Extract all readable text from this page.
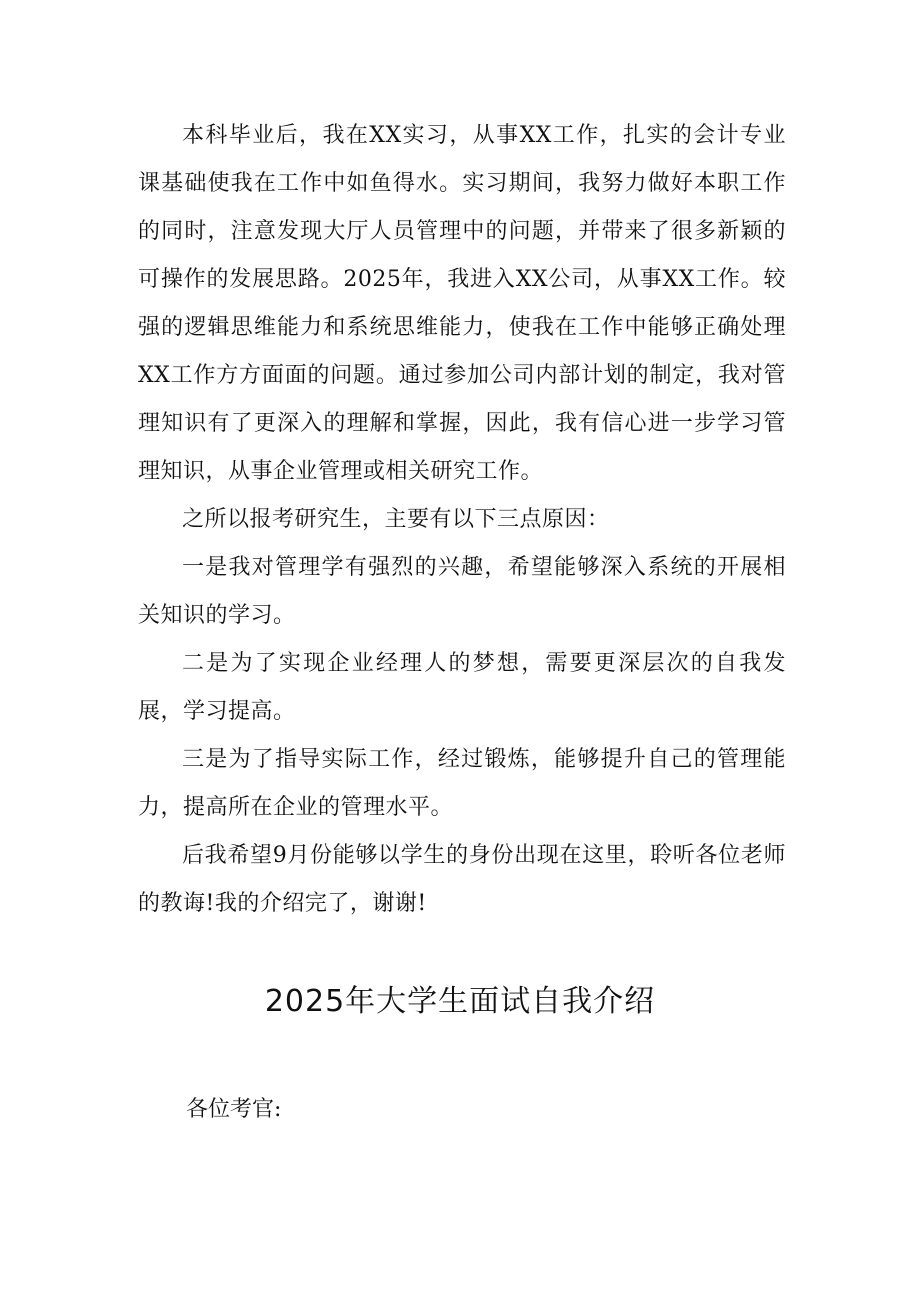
本科毕业后，我在XX实习，从事XX工作，扎实的会计专业课基础使我在工作中如鱼得水。实习期间，我努力做好本职工作的同时，注意发现大厅人员管理中的问题，并带来了很多新颖的可操作的发展思路。2025年，我进入XX公司，从事XX工作。较强的逻辑思维能力和系统思维能力，使我在工作中能够正确处理XX工作方方面面的问题。通过参加公司内部计划的制定，我对管理知识有了更深入的理解和掌握，因此，我有信心进一步学习管理知识，从事企业管理或相关研究工作。

之所以报考研究生，主要有以下三点原因：

一是我对管理学有强烈的兴趣，希望能够深入系统的开展相关知识的学习。

二是为了实现企业经理人的梦想，需要更深层次的自我发展，学习提高。

三是为了指导实际工作，经过锻炼，能够提升自己的管理能力，提高所在企业的管理水平。

后我希望9月份能够以学生的身份出现在这里，聆听各位老师的教诲!我的介绍完了，谢谢!

2025年大学生面试自我介绍
各位考官:
